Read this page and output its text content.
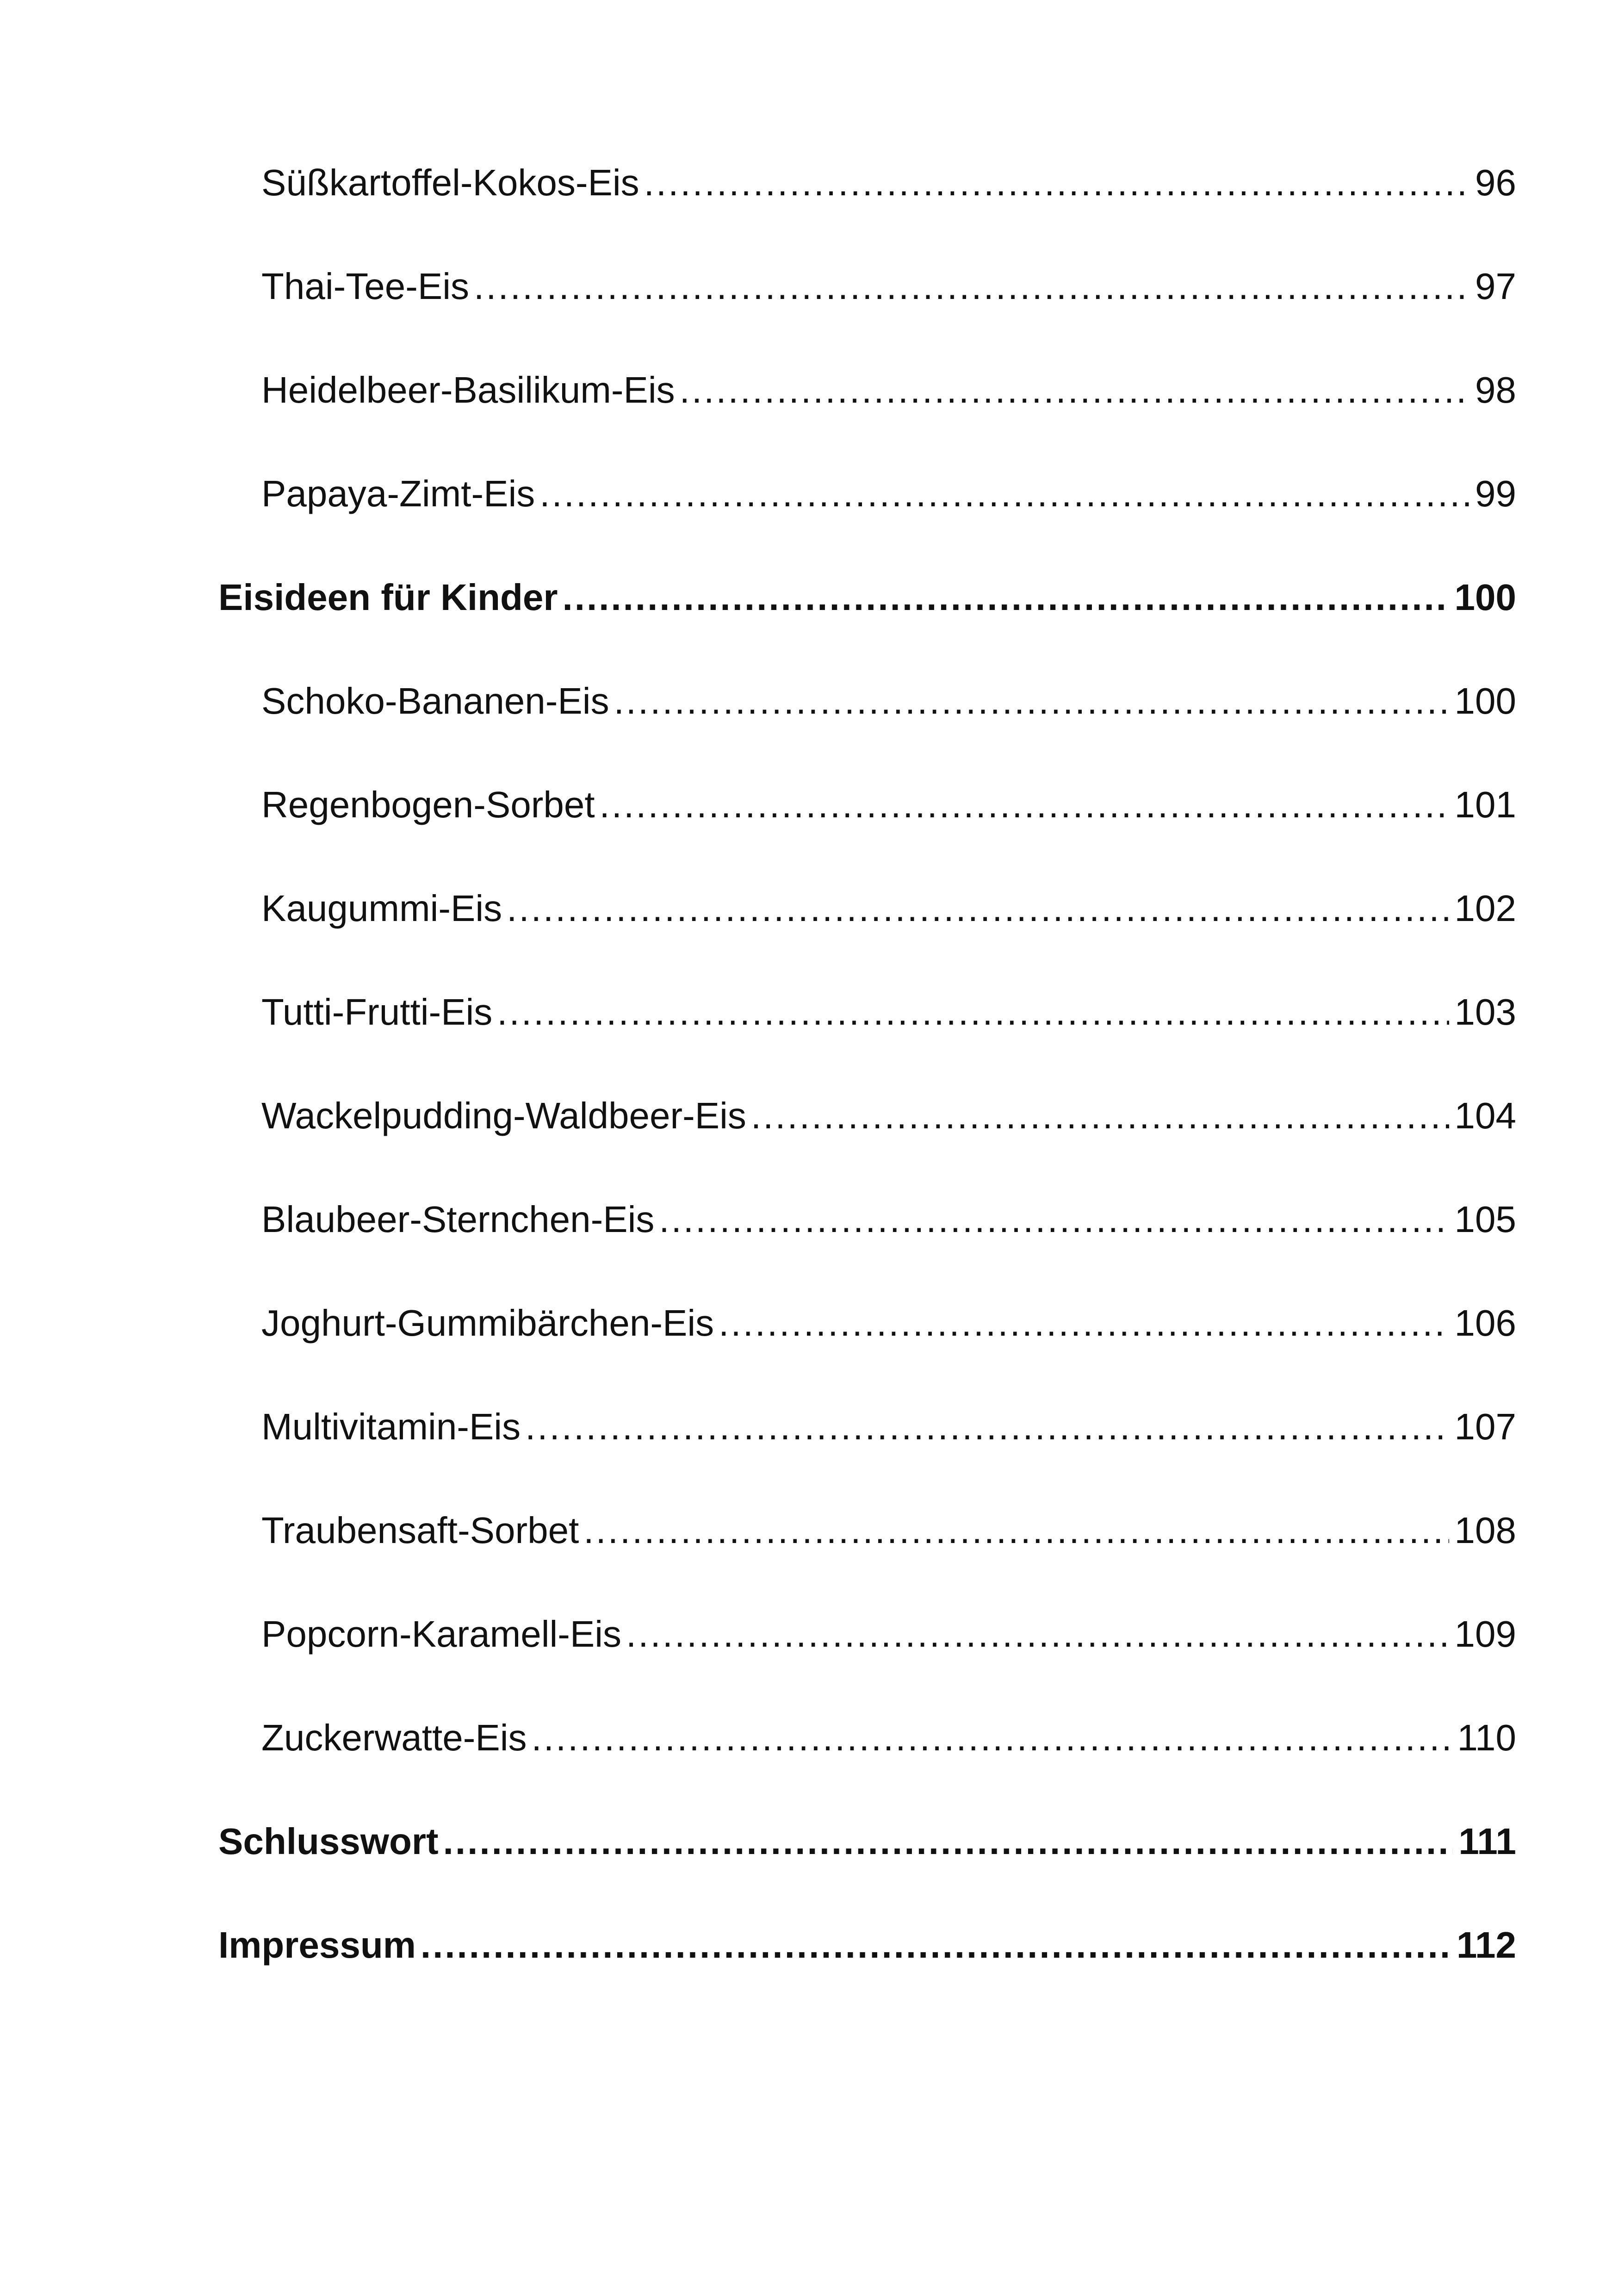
Süßkartoffel-Kokos-Eis .....	96
Thai-Tee-Eis .....	97
Heidelbeer-Basilikum-Eis .....	98
Papaya-Zimt-Eis .....	99
Eisideen für Kinder .....	100
Schoko-Bananen-Eis .....	100
Regenbogen-Sorbet .....	101
Kaugummi-Eis .....	102
Tutti-Frutti-Eis .....	103
Wackelpudding-Waldbeer-Eis .....	104
Blaubeer-Sternchen-Eis .....	105
Joghurt-Gummibärchen-Eis .....	106
Multivitamin-Eis .....	107
Traubensaft-Sorbet .....	108
Popcorn-Karamell-Eis .....	109
Zuckerwatte-Eis .....	110
Schlusswort .....	111
Impressum .....	112
